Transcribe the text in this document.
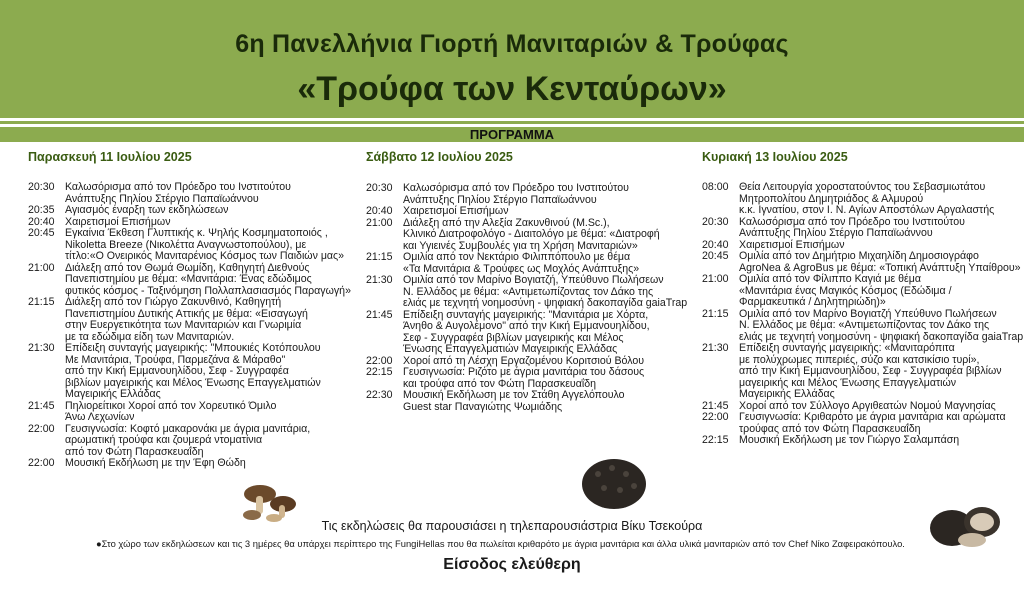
6η Πανελλήνια Γιορτή Μανιταριών & Τρούφας
«Τρούφα των Κενταύρων»
ΠΡΟΓΡΑΜΜΑ
Παρασκευή 11 Ιουλίου 2025
20:30 Καλωσόρισμα από τον Πρόεδρο του Ινστιτούτου
Ανάπτυξης Πηλίου Στέργιο Παπαϊωάννου
20:35 Αγιασμός έναρξη των εκδηλώσεων
20:40 Χαιρετισμοί Επισήμων
20:45 Εγκαίνια Έκθεση Γλυπτικής κ. Ψηλής Κοσμηματοποιός ,
Nikoletta Breeze (Νικολέττα Αναγνωστοπούλου), με
τίτλο:«Ο Ονειρικός Μανιταρένιος Κόσμος των Παιδιών μας»
21:00 Διάλεξη από τον Θωμά Θωμίδη, Καθηγητή Διεθνούς
Πανεπιστημίου με θέμα: «Μανιτάρια: Ένας εδώδιμος
φυτικός κόσμος - Ταξινόμηση Πολλαπλασιασμός Παραγωγή»
21:15 Διάλεξη από τον Γιώργο Ζακυνθινό, Καθηγητή
Πανεπιστημίου Δυτικής Αττικής με θέμα: «Εισαγωγή
στην Ευεργετικότητα των Μανιταριών και Γνωριμία
με τα εδώδιμα είδη των Μανιταριών.
21:30 Επίδειξη συνταγής μαγειρικής: "Μπουκιές Κοτόπουλου
Με Μανιτάρια, Τρούφα, Παρμεζάνα & Μάραθο"
από την Κική Εμμανουηλίδου, Σεφ - Συγγραφέα
βιβλίων μαγειρικής και Μέλος Ένωσης Επαγγελματιών
Μαγειρικής Ελλάδας
21:45 Πηλιορείτικοι Χοροί από τον Χορευτικό Όμιλο
Άνω Λεχωνίων
22:00 Γευσιγνωσία: Κοφτό μακαρονάκι με άγρια μανιτάρια,
αρωματική τρούφα και ζουμερά ντοματίνια
από τον Φώτη Παρασκευαΐδη
22:00 Μουσική Εκδήλωση με την Έφη Θώδη
Σάββατο 12 Ιουλίου 2025
20:30 Καλωσόρισμα από τον Πρόεδρο του Ινστιτούτου
Ανάπτυξης Πηλίου Στέργιο Παπαϊωάννου
20:40 Χαιρετισμοί Επισήμων
21:00 Διάλεξη από την Αλεξία Ζακυνθινού (M.Sc.),
Κλινικό Διατροφολόγο - Διαιτολόγο με θέμα: «Διατροφή
και Υγιεινές Συμβουλές για τη Χρήση Μανιταριών»
21:15 Ομιλία από τον Νεκτάριο Φιλιππόπουλο με θέμα
«Τα Μανιτάρια & Τρούφες ως Μοχλός Ανάπτυξης»
21:30 Ομιλία από τον Μαρίνο Βογιατζή, Υπεύθυνο Πωλήσεων
Ν. Ελλάδος με θέμα: «Αντιμετωπίζοντας τον Δάκο της
ελιάς με τεχνητή νοημοσύνη - ψηφιακή δακοπαγίδα gaiaTrap
21:45 Επίδειξη συνταγής μαγειρικής: "Μανιτάρια με Χόρτα,
Άνηθο & Αυγολέμονο" από την Κική Εμμανουηλίδου,
Σεφ - Συγγραφέα βιβλίων μαγειρικής και Μέλος
Ένωσης Επαγγελματιών Μαγειρικής Ελλάδας
22:00 Χοροί από τη Λέσχη Εργαζομένου Κοριτσιού Βόλου
22:15 Γευσιγνωσία: Ριζότο με άγρια μανιτάρια του δάσους
και τρούφα από τον Φώτη Παρασκευαΐδη
22:30 Μουσική Εκδήλωση με τον Στάθη Αγγελόπουλο
Guest star Παναγιώτης Ψωμιάδης
Κυριακή 13 Ιουλίου 2025
08:00 Θεία Λειτουργία χοροστατούντος του Σεβασμιωτάτου
Μητροπολίτου Δημητριάδος & Αλμυρού
κ.κ. Ιγνατίου, στον Ι. Ν. Αγίων Αποστόλων Αργαλαστής
20:30 Καλωσόρισμα από τον Πρόεδρο του Ινστιτούτου
Ανάπτυξης Πηλίου Στέργιο Παπαϊωάννου
20:40 Χαιρετισμοί Επισήμων
20:45 Ομιλία από τον Δημήτριο Μιχαηλίδη Δημοσιογράφο
AgroNea & AgroBus με θέμα: «Τοπική Ανάπτυξη Υπαίθρου»
21:00 Ομιλία από τον Φίλιππο Καγιά με θέμα
«Μανιτάρια ένας Μαγικός Κόσμος (Εδώδιμα /
Φαρμακευτικά / Δηλητηριώδη)»
21:15 Ομιλία από τον Μαρίνο Βογιατζή Υπεύθυνο Πωλήσεων
Ν. Ελλάδος με θέμα: «Αντιμετωπίζοντας τον Δάκο της
ελιάς με τεχνητή νοημοσύνη - ψηφιακή δακοπαγίδα gaiaTrap
21:30 Επίδειξη συνταγής μαγειρικής: «Μανιταρόπιτα
με πολύχρωμες πιπεριές, σύζο και κατσικίσιο τυρί»,
από την Κική Εμμανουηλίδου, Σεφ - Συγγραφέα βιβλίων
μαγειρικής και Μέλος Ένωσης Επαγγελματιών
Μαγειρικής Ελλάδας
21:45 Χοροί από τον Σύλλογο Αργιθεατών Νομού Μαγνησίας
22:00 Γευσιγνωσία: Κριθαρότο με άγρια μανιτάρια και αρώματα
τρούφας από τον Φώτη Παρασκευαΐδη
22:15 Μουσική Εκδήλωση με τον Γιώργο Σαλαμπάση
Τις εκδηλώσεις θα παρουσιάσει η τηλεπαρουσιάστρια Βίκυ Τσεκούρα
●Στο χώρο των εκδηλώσεων και τις 3 ημέρες θα υπάρχει περίπτερο της FungiHellas που θα πωλείται κριθαρότο με άγρια μανιτάρια και άλλα υλικά μανιταριών από τον Chef Νίκο Ζαφειρακόπουλο.
Είσοδος ελεύθερη
